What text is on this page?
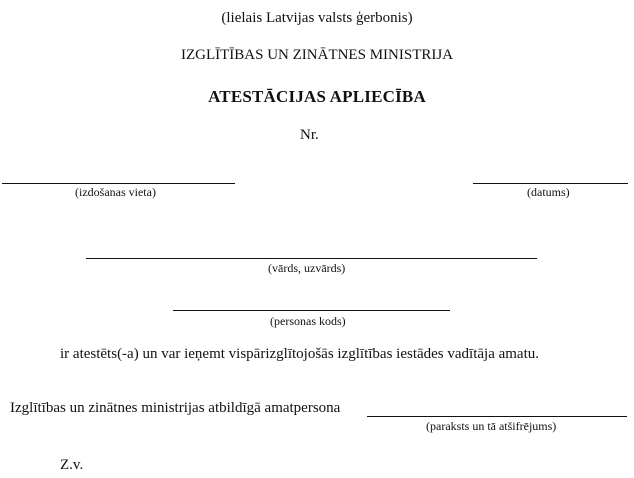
(lielais Latvijas valsts ģerbonis)
IZGLĪTĪBAS UN ZINĀTNES MINISTRIJA
ATESTĀCIJAS APLIECĪBA
Nr.
(izdošanas vieta)	(datums)
(vārds, uzvārds)
(personas kods)
ir atestēts(-a) un var ieņemt vispārizglītojošās izglītības iestādes vadītāja amatu.
Izglītības un zinātnes ministrijas atbildīgā amatpersona
(paraksts un tā atšifrējums)
Z.v.
